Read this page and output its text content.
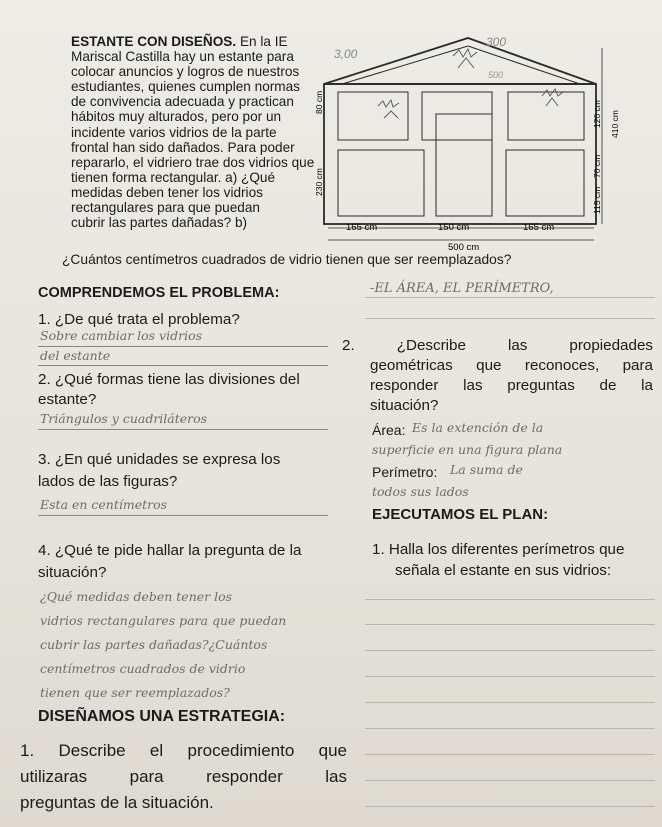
ESTANTE CON DISEÑOS. En la IE
Mariscal Castilla hay un estante para
colocar anuncios y logros de nuestros
estudiantes, quienes cumplen normas
de convivencia adecuada y practican
hábitos muy alturados, pero por un
incidente varios vidrios de la parte
frontal han sido dañados. Para poder
repararlo, el vidriero trae dos vidrios que
tienen forma rectangular. a) ¿Qué
medidas deben tener los vidrios
rectangulares para que puedan
cubrir las partes dañadas? b)
¿Cuántos centímetros cuadrados de vidrio tienen que ser reemplazados?
3,00
300
500
165 cm	150 cm	165 cm
500 cm
80 cm
230 cm
120 cm
70 cm
115 cm
410 cm
COMPRENDEMOS EL PROBLEMA:	-EL ÁREA, EL PERÍMETRO,
1. ¿De qué trata el problema?
Sobre cambiar los vidrios
del estante
2. ¿Qué formas tiene las divisiones del
estante?
Triángulos y cuadriláteros
3. ¿En qué unidades se expresa los
lados de las figuras?
Esta en centímetros
4. ¿Qué te pide hallar la pregunta de la
situación?
¿Qué medidas deben tener los
vidrios rectangulares para que puedan
cubrir las partes dañadas?¿Cuántos
centímetros cuadrados de vidrio
tienen que ser reemplazados?
DISEÑAMOS UNA ESTRATEGIA:
1. Describe el procedimiento que
utilizaras para responder las
preguntas de la situación.
2. ¿Describe las propiedades
geométricas que reconoces, para
responder las preguntas de la
situación?
Área: Es la extención de la
superficie en una figura plana
Perímetro: La suma de
todos sus lados
EJECUTAMOS EL PLAN:
1. Halla los diferentes perímetros que
señala el estante en sus vidrios:
